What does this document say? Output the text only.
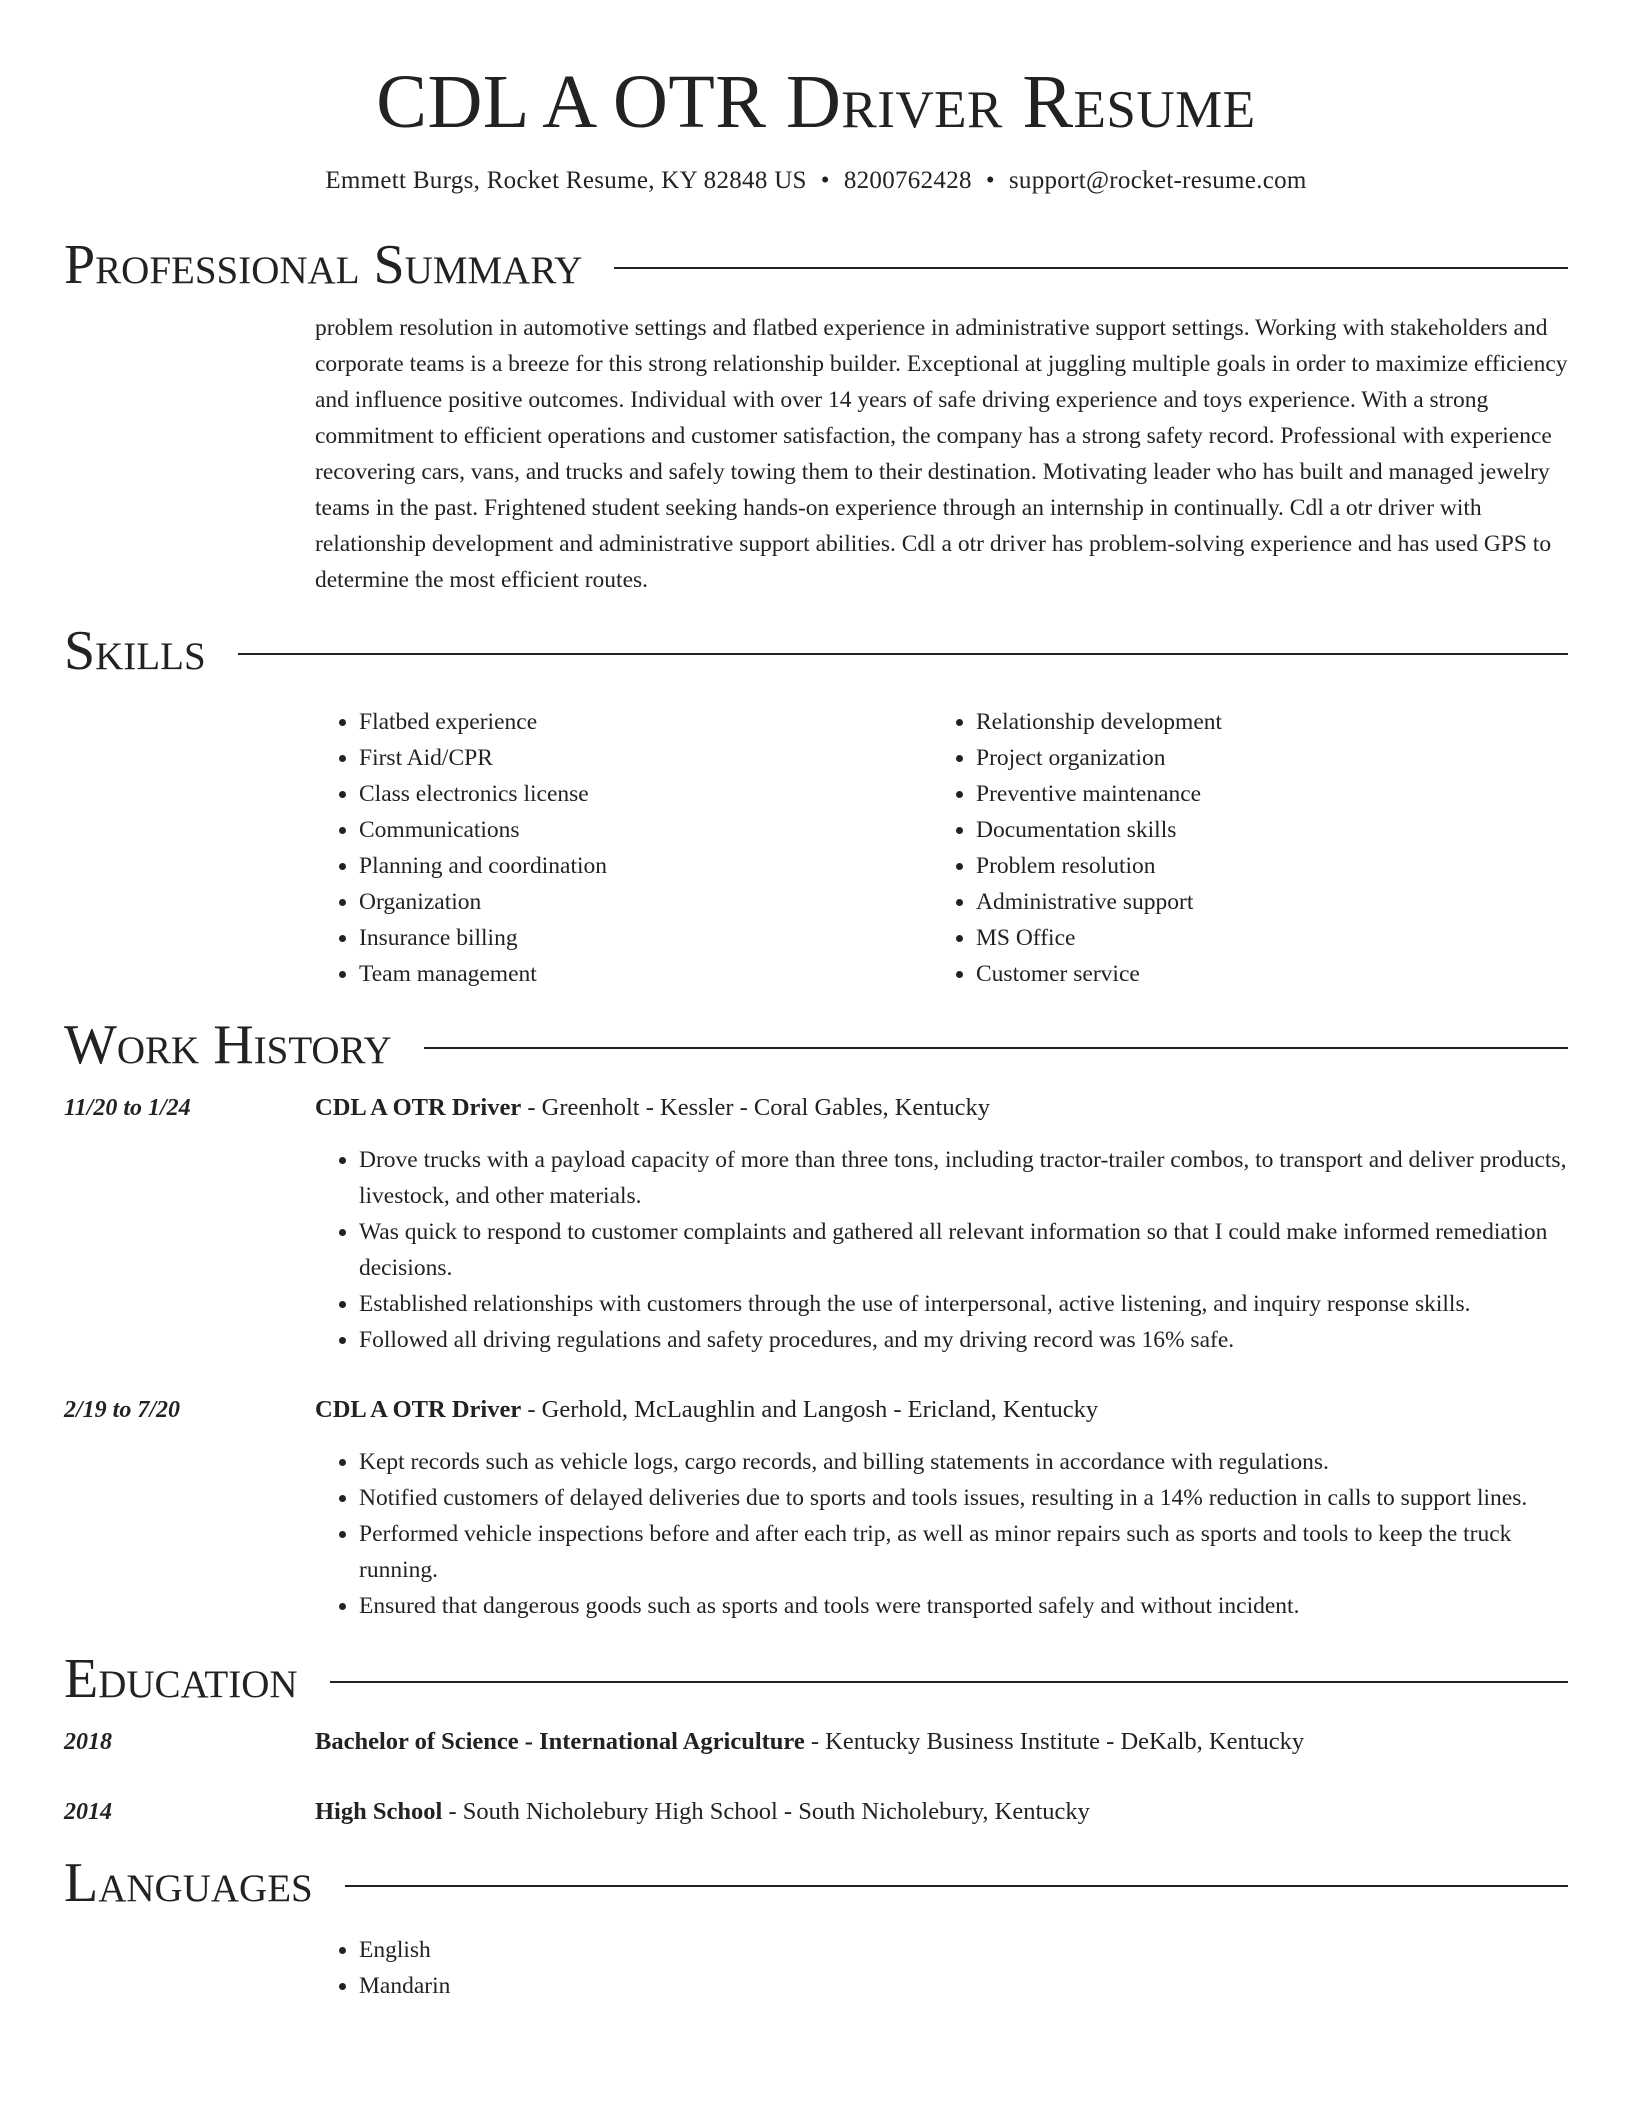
CDL A OTR Driver Resume
Emmett Burgs, Rocket Resume, KY 82848 US • 8200762428 • support@rocket-resume.com
Professional Summary

problem resolution in automotive settings and flatbed experience in administrative support settings. Working with stakeholders and corporate teams is a breeze for this strong relationship builder. Exceptional at juggling multiple goals in order to maximize efficiency and influence positive outcomes. Individual with over 14 years of safe driving experience and toys experience. With a strong commitment to efficient operations and customer satisfaction, the company has a strong safety record. Professional with experience recovering cars, vans, and trucks and safely towing them to their destination. Motivating leader who has built and managed jewelry teams in the past. Frightened student seeking hands-on experience through an internship in continually. Cdl a otr driver with relationship development and administrative support abilities. Cdl a otr driver has problem-solving experience and has used GPS to determine the most efficient routes.

Skills
• Flatbed experience
• First Aid/CPR
• Class electronics license
• Communications
• Planning and coordination
• Organization
• Insurance billing
• Team management
• Relationship development
• Project organization
• Preventive maintenance
• Documentation skills
• Problem resolution
• Administrative support
• MS Office
• Customer service
Work History
11/20 to 1/24	CDL A OTR Driver - Greenholt - Kessler - Coral Gables, Kentucky
• Drove trucks with a payload capacity of more than three tons, including tractor-trailer combos, to transport and deliver products, livestock, and other materials.
• Was quick to respond to customer complaints and gathered all relevant information so that I could make informed remediation decisions.
• Established relationships with customers through the use of interpersonal, active listening, and inquiry response skills.
• Followed all driving regulations and safety procedures, and my driving record was 16% safe.
2/19 to 7/20	CDL A OTR Driver - Gerhold, McLaughlin and Langosh - Ericland, Kentucky
• Kept records such as vehicle logs, cargo records, and billing statements in accordance with regulations.
• Notified customers of delayed deliveries due to sports and tools issues, resulting in a 14% reduction in calls to support lines.
• Performed vehicle inspections before and after each trip, as well as minor repairs such as sports and tools to keep the truck running.
• Ensured that dangerous goods such as sports and tools were transported safely and without incident.
Education
2018	Bachelor of Science - International Agriculture - Kentucky Business Institute - DeKalb, Kentucky
2014	High School - South Nicholebury High School - South Nicholebury, Kentucky
Languages
• English
• Mandarin
